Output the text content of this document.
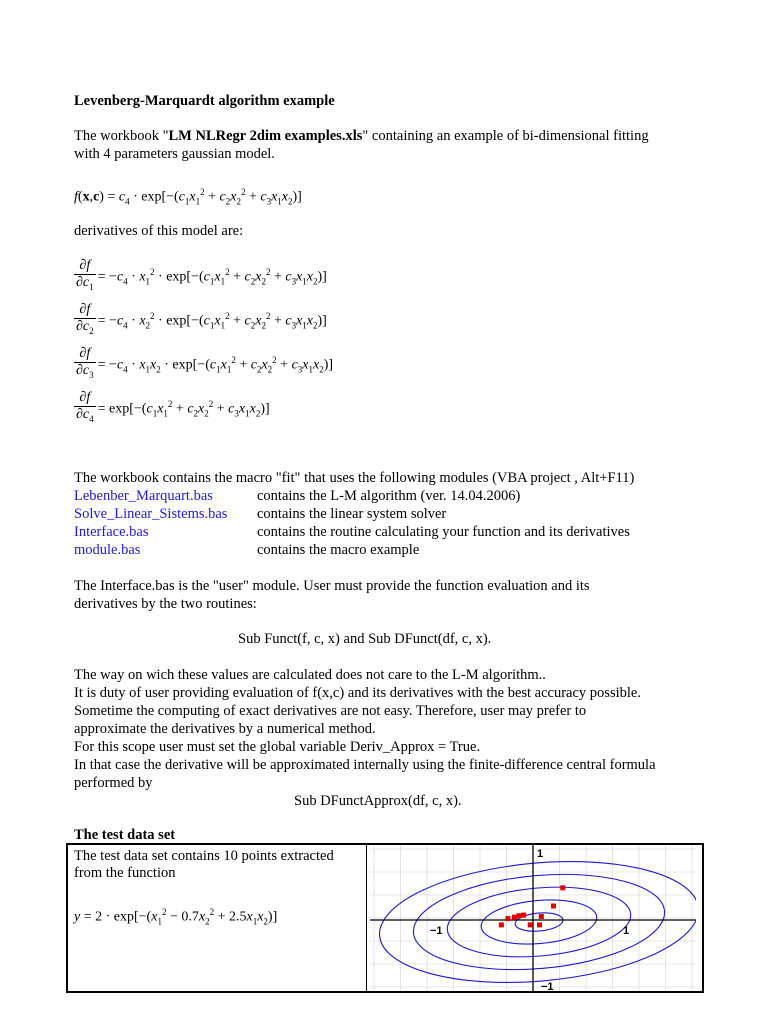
Levenberg-Marquardt algorithm example
The workbook "LM NLRegr 2dim examples.xls" containing an example of bi-dimensional fitting
with 4 parameters gaussian model.
$f(x,c) = c_4 \cdot \exp[-(c_1x_1^2 + c_2x_2^2 + c_3x_1x_2)]$
derivatives of this model are:
$\frac{\partial f}{\partial c_1} = -c_4 \cdot x_1^2 \cdot \exp[-(c_1x_1^2 + c_2x_2^2 + c_3x_1x_2)]$
$\frac{\partial f}{\partial c_2} = -c_4 \cdot x_2^2 \cdot \exp[-(c_1x_1^2 + c_2x_2^2 + c_3x_1x_2)]$
$\frac{\partial f}{\partial c_3} = -c_4 \cdot x_1x_2 \cdot \exp[-(c_1x_1^2 + c_2x_2^2 + c_3x_1x_2)]$
$\frac{\partial f}{\partial c_4} = \exp[-(c_1x_1^2 + c_2x_2^2 + c_3x_1x_2)]$
The workbook contains the macro "fit" that uses the following modules (VBA project , Alt+F11)
Lebenber_Marquart.bas	contains the L-M algorithm (ver. 14.04.2006)
Solve_Linear_Sistems.bas contains the linear system solver
Interface.bas	contains the routine calculating your function and its derivatives
module.bas	contains the macro example
The Interface.bas is the "user" module. User must provide the function evaluation and its
derivatives by the two routines:
Sub Funct(f, c, x) and Sub DFunct(df, c, x).
The way on wich these values are calculated does not care to the L-M algorithm..
It is duty of user providing evaluation of f(x,c) and its derivatives with the best accuracy possible.
Sometime the computing of exact derivatives are not easy. Therefore, user may prefer to
approximate the derivatives by a numerical method.
For this scope user must set the global variable Deriv_Approx = True.
In that case the derivative will be approximated internally using the finite-difference central formula
performed by
Sub DFunctApprox(df, c, x).
The test data set
The test data set contains 10 points extracted
from the function
$y = 2 \cdot \exp[-(x_1^2 - 0.7x_2^2 + 2.5x_1x_2)]$
−1	1
1
−1
